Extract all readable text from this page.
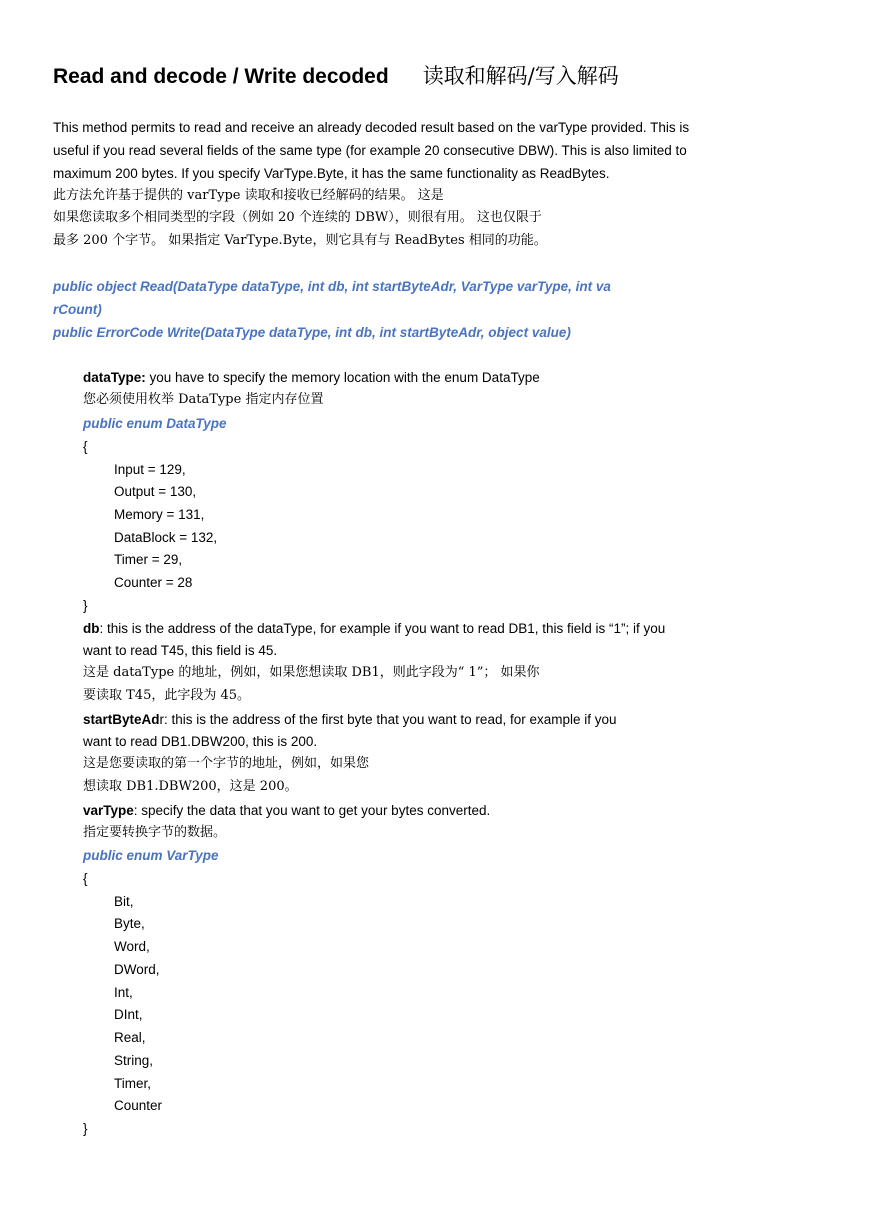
Read and decode / Write decoded 读取和解码/写入解码
This method permits to read and receive an already decoded result based on the varType provided. This is
useful if you read several fields of the same type (for example 20 consecutive DBW). This is also limited to
maximum 200 bytes. If you specify VarType.Byte, it has the same functionality as ReadBytes.
此方法允许基于提供的 varType 读取和接收已经解码的结果。 这是
如果您读取多个相同类型的字段（例如 20 个连续的 DBW），则很有用。 这也仅限于
最多 200 个字节。 如果指定 VarType.Byte，则它具有与 ReadBytes 相同的功能。
public object Read(DataType dataType, int db, int startByteAdr, VarType varType, int va
rCount)
public ErrorCode Write(DataType dataType, int db, int startByteAdr, object value)
dataType: you have to specify the memory location with the enum DataType
您必须使用枚举 DataType 指定内存位置
public enum DataType
{
Input = 129,
Output = 130,
Memory = 131,
DataBlock = 132,
Timer = 29,
Counter = 28
}
db: this is the address of the dataType, for example if you want to read DB1, this field is “1”; if you
want to read T45, this field is 45.
这是 dataType 的地址，例如，如果您想读取 DB1，则此字段为“ 1”； 如果你
要读取 T45，此字段为 45。
startByteAdr: this is the address of the first byte that you want to read, for example if you
want to read DB1.DBW200, this is 200.
这是您要读取的第一个字节的地址，例如，如果您
想读取 DB1.DBW200，这是 200。
varType: specify the data that you want to get your bytes converted.
指定要转换字节的数据。
public enum VarType
{
Bit,
Byte,
Word,
DWord,
Int,
DInt,
Real,
String,
Timer,
Counter
}
